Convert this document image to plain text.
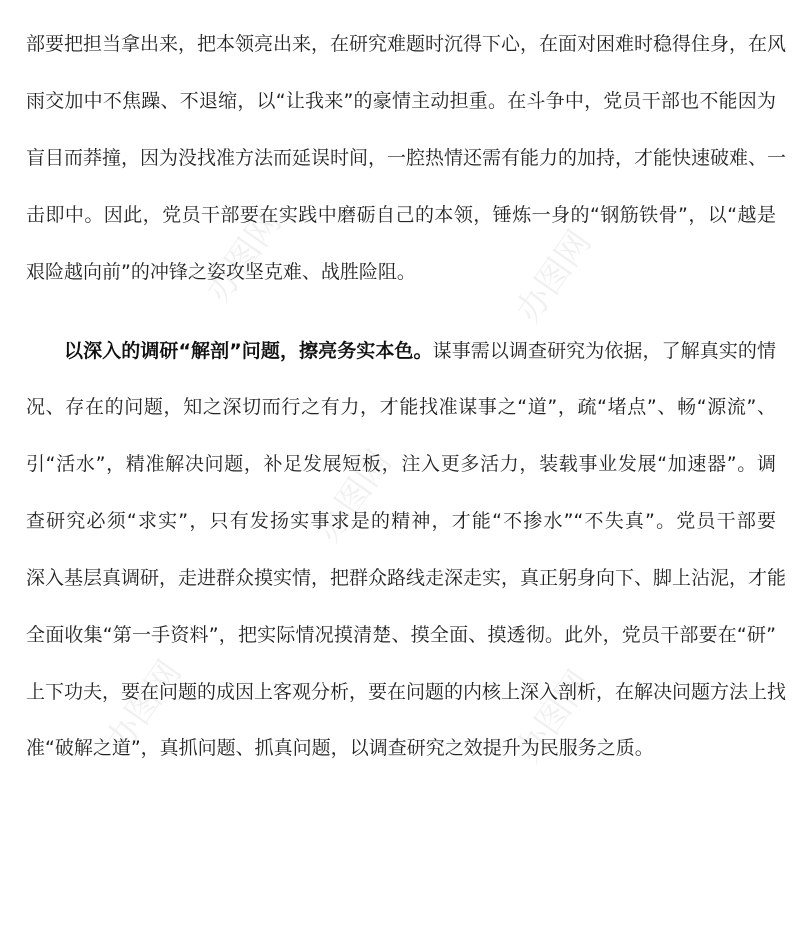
办图网	办图网
办图网
办图网	办图网
部要把担当拿出来，把本领亮出来，在研究难题时沉得下心，在面对困难时稳得住身，在风
雨交加中不焦躁、不退缩，以“让我来”的豪情主动担重。在斗争中，党员干部也不能因为
盲目而莽撞，因为没找准方法而延误时间，一腔热情还需有能力的加持，才能快速破难、一
击即中。因此，党员干部要在实践中磨砺自己的本领，锤炼一身的“钢筋铁骨”，以“越是
艰险越向前”的冲锋之姿攻坚克难、战胜险阻。
以深入的调研“解剖”问题，擦亮务实本色。谋事需以调查研究为依据，了解真实的情
况、存在的问题，知之深切而行之有力，才能找准谋事之“道”，疏“堵点”、畅“源流”、
引“活水”，精准解决问题，补足发展短板，注入更多活力，装载事业发展“加速器”。调
查研究必须“求实”，只有发扬实事求是的精神，才能“不掺水”“不失真”。党员干部要
深入基层真调研，走进群众摸实情，把群众路线走深走实，真正躬身向下、脚上沾泥，才能
全面收集“第一手资料”，把实际情况摸清楚、摸全面、摸透彻。此外，党员干部要在“研”
上下功夫，要在问题的成因上客观分析，要在问题的内核上深入剖析，在解决问题方法上找
准“破解之道”，真抓问题、抓真问题，以调查研究之效提升为民服务之质。
